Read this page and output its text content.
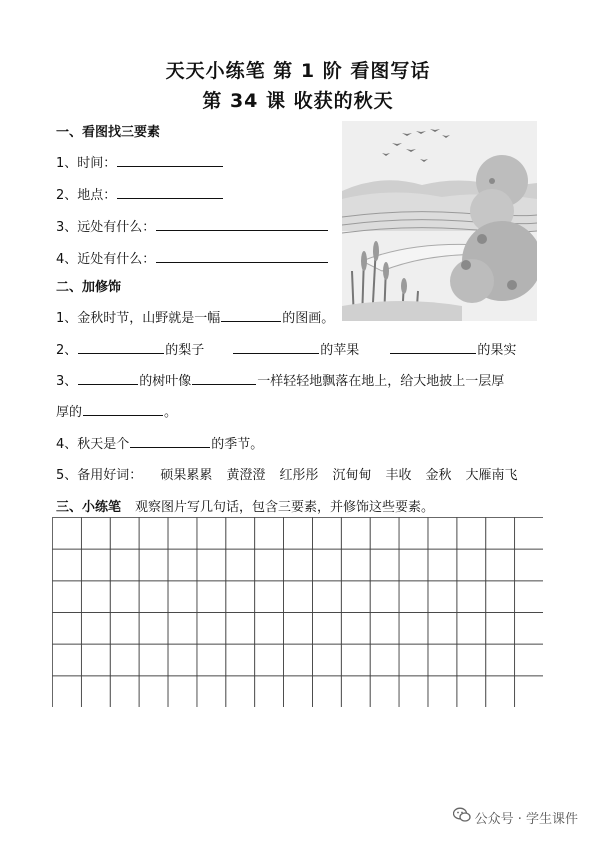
天天小练笔 第 1 阶 看图写话
第 34 课 收获的秋天
一、看图找三要素
1、时间：
2、地点：
3、远处有什么：
4、近处有什么：
二、加修饰
1、金秋时节，山野就是一幅	的图画。
2、	的梨子	的苹果	的果实
3、	的树叶像	一样轻轻地飘落在地上，给大地披上一层厚
厚的	。
4、秋天是个	的季节。
5、备用好词： 硕果累累 黄澄澄 红彤彤 沉甸甸 丰收 金秋 大雁南飞
三、小练笔 观察图片写几句话，包含三要素，并修饰这些要素。
公众号 · 学生课件
